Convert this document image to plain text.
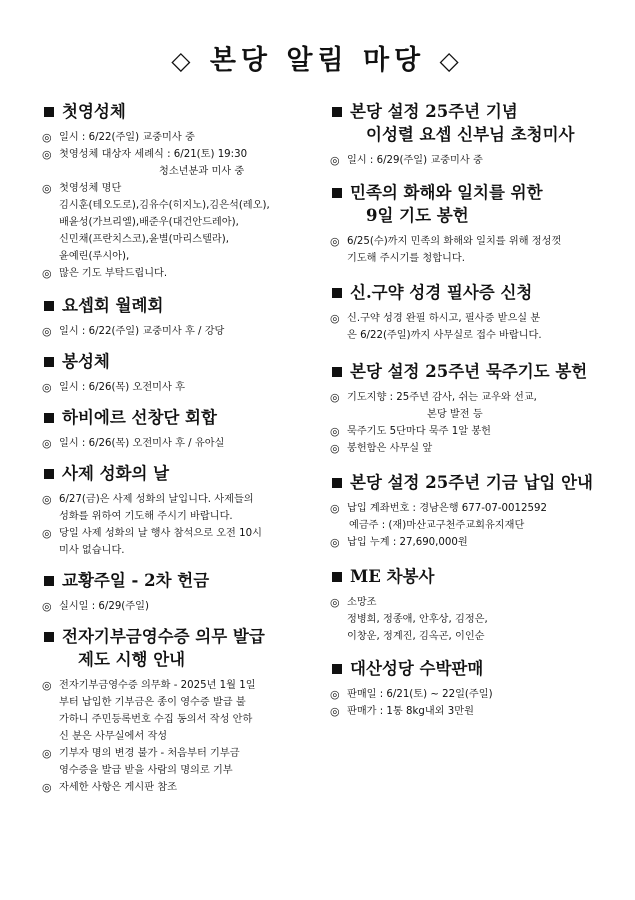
◇ 본당 알림 마당 ◇
첫영성체
◎ 일시 : 6/22(주일) 교중미사 중
◎ 첫영성체 대상자 세례식 : 6/21(토) 19:30
청소년분과 미사 중
◎ 첫영성체 명단
김시훈(테오도로),김유수(히지노),김은석(레오),
배윤성(가브리엘),배준우(대건안드레아),
신민채(프란치스코),윤별(마리스텔라),
윤예린(루시아),
◎ 많은 기도 부탁드립니다.
요셉회 월례회
◎ 일시 : 6/22(주일) 교중미사 후 / 강당
봉성체
◎ 일시 : 6/26(목) 오전미사 후
하비에르 선창단 회합
◎ 일시 : 6/26(목) 오전미사 후 / 유아실
사제 성화의 날
◎ 6/27(금)은 사제 성화의 날입니다. 사제들의
성화를 위하여 기도해 주시기 바랍니다.
◎ 당일 사제 성화의 날 행사 참석으로 오전 10시
미사 없습니다.
교황주일 - 2차 헌금
◎ 실시일 : 6/29(주일)
전자기부금영수증 의무 발급
제도 시행 안내
◎ 전자기부금영수증 의무화 - 2025년 1월 1일
부터 납입한 기부금은 종이 영수증 발급 불
가하니 주민등록번호 수집 동의서 작성 안하
신 분은 사무실에서 작성
◎ 기부자 명의 변경 불가 - 처음부터 기부금
영수증을 발급 받을 사람의 명의로 기부
◎ 자세한 사항은 게시판 참조
본당 설정 25주년 기념
이성렬 요셉 신부님 초청미사
◎ 일시 : 6/29(주일) 교중미사 중
민족의 화해와 일치를 위한
9일 기도 봉헌
◎ 6/25(수)까지 민족의 화해와 일치를 위해 정성껏
기도해 주시기를 청합니다.
신.구약 성경 필사증 신청
◎ 신.구약 성경 완필 하시고, 필사증 받으실 분
은 6/22(주일)까지 사무실로 접수 바랍니다.
본당 설정 25주년 묵주기도 봉헌
◎ 기도지향 : 25주년 감사, 쉬는 교우와 선교,
본당 발전 등
◎ 묵주기도 5단마다 묵주 1알 봉헌
◎ 봉헌함은 사무실 앞
본당 설정 25주년 기금 납입 안내
◎ 납입 계좌번호 : 경남은행 677-07-0012592
예금주 : (재)마산교구천주교회유지재단
◎ 납입 누계 : 27,690,000원
ME 차봉사
◎ 소망조
정병희, 정종애, 안후상, 김정은,
이창운, 정계진, 김옥곤, 이인순
대산성당 수박판매
◎ 판매일 : 6/21(토) ~ 22일(주일)
◎ 판매가 : 1통 8kg내외 3만원
